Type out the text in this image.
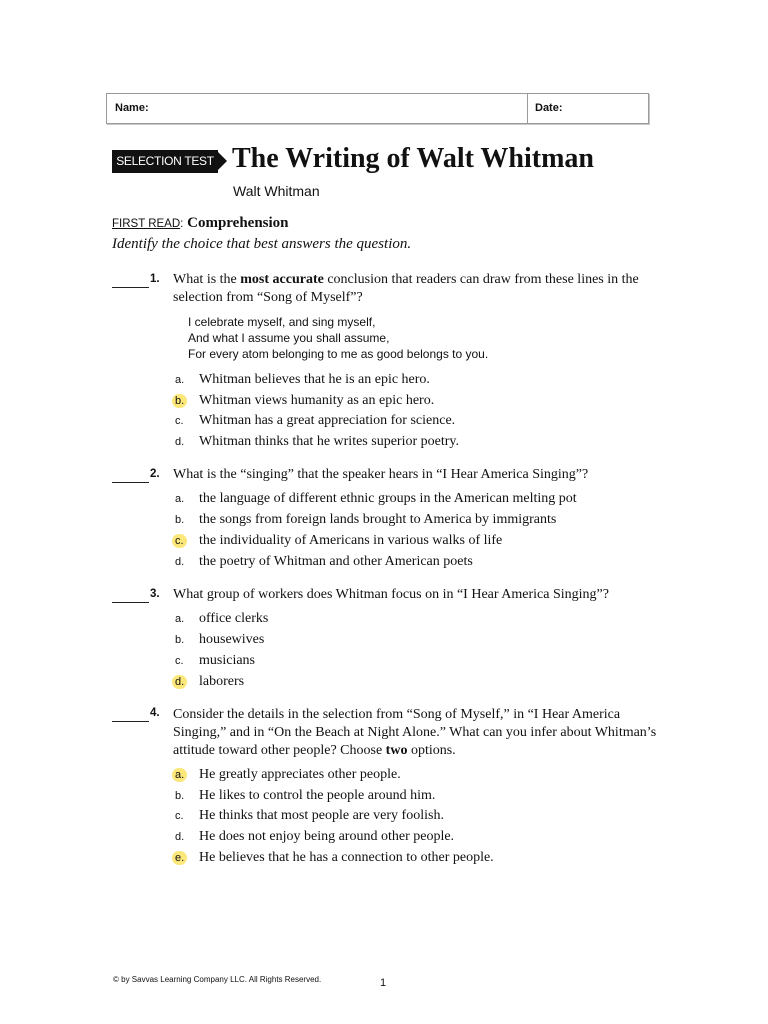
Name:	Date:
SELECTION TEST The Writing of Walt Whitman
Walt Whitman
FIRST READ: Comprehension
Identify the choice that best answers the question.
1. What is the most accurate conclusion that readers can draw from these lines in the selection from “Song of Myself”?
I celebrate myself, and sing myself,
And what I assume you shall assume,
For every atom belonging to me as good belongs to you.
a. Whitman believes that he is an epic hero.
b. Whitman views humanity as an epic hero.
c. Whitman has a great appreciation for science.
d. Whitman thinks that he writes superior poetry.
2. What is the “singing” that the speaker hears in “I Hear America Singing”?
a. the language of different ethnic groups in the American melting pot
b. the songs from foreign lands brought to America by immigrants
c. the individuality of Americans in various walks of life
d. the poetry of Whitman and other American poets
3. What group of workers does Whitman focus on in “I Hear America Singing”?
a. office clerks
b. housewives
c. musicians
d. laborers
4. Consider the details in the selection from “Song of Myself,” in “I Hear America Singing,” and in “On the Beach at Night Alone.” What can you infer about Whitman’s attitude toward other people? Choose two options.
a. He greatly appreciates other people.
b. He likes to control the people around him.
c. He thinks that most people are very foolish.
d. He does not enjoy being around other people.
e. He believes that he has a connection to other people.
© by Savvas Learning Company LLC. All Rights Reserved.	1
